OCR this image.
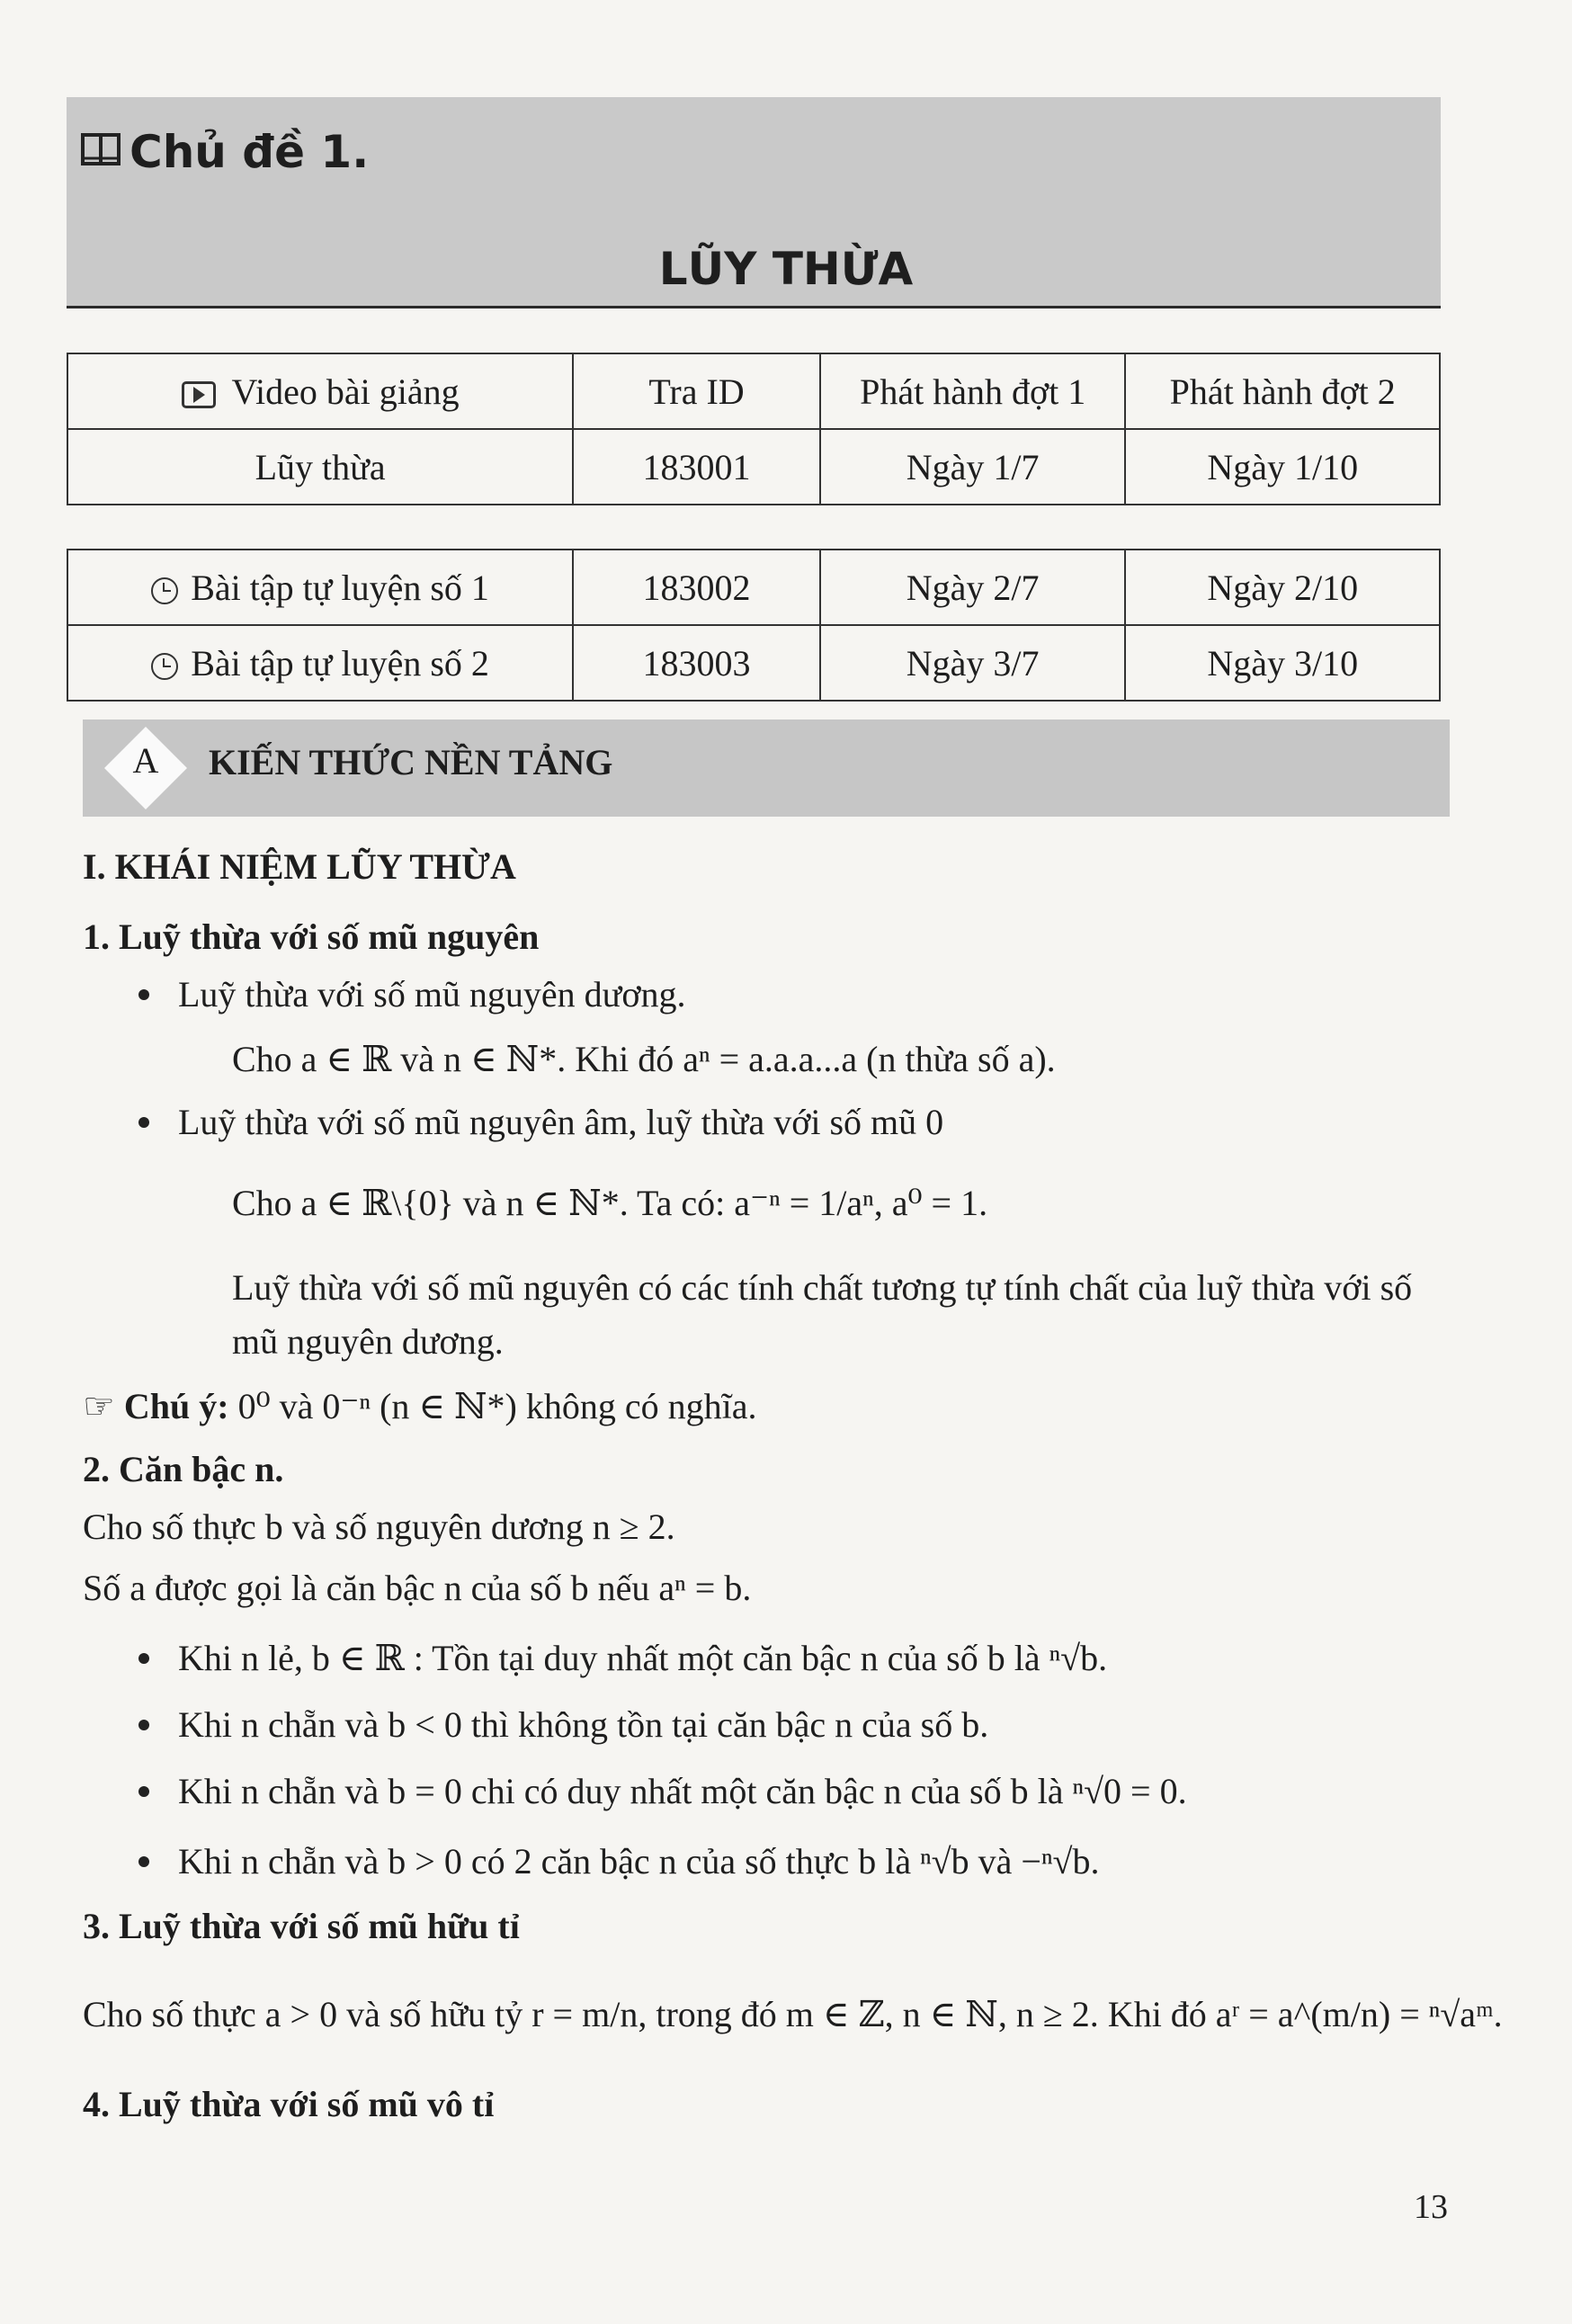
Chủ đề 1.
LŨY THỪA
Video bài giảng	Tra ID	Phát hành đợt 1	Phát hành đợt 2
Lũy thừa	183001	Ngày 1/7	Ngày 1/10
Bài tập tự luyện số 1	183002	Ngày 2/7	Ngày 2/10
Bài tập tự luyện số 2	183003	Ngày 3/7	Ngày 3/10
A KIẾN THỨC NỀN TẢNG
I. KHÁI NIỆM LŨY THỪA
1. Luỹ thừa với số mũ nguyên
Luỹ thừa với số mũ nguyên dương.
Cho a ∈ ℝ và n ∈ ℕ*. Khi đó aⁿ = a.a.a...a (n thừa số a).
Luỹ thừa với số mũ nguyên âm, luỹ thừa với số mũ 0
Cho a ∈ ℝ\{0} và n ∈ ℕ*. Ta có: a⁻ⁿ = 1/aⁿ, a⁰ = 1.
Luỹ thừa với số mũ nguyên có các tính chất tương tự tính chất của luỹ thừa với số
mũ nguyên dương.
☞ Chú ý: 0⁰ và 0⁻ⁿ (n ∈ ℕ*) không có nghĩa.
2. Căn bậc n.
Cho số thực b và số nguyên dương n ≥ 2.
Số a được gọi là căn bậc n của số b nếu aⁿ = b.
Khi n lẻ, b ∈ ℝ : Tồn tại duy nhất một căn bậc n của số b là ⁿ√b.
Khi n chẵn và b < 0 thì không tồn tại căn bậc n của số b.
Khi n chẵn và b = 0 chi có duy nhất một căn bậc n của số b là ⁿ√0 = 0.
Khi n chẵn và b > 0 có 2 căn bậc n của số thực b là ⁿ√b và −ⁿ√b.
3. Luỹ thừa với số mũ hữu tỉ
Cho số thực a > 0 và số hữu tỷ r = m/n, trong đó m ∈ ℤ, n ∈ ℕ, n ≥ 2. Khi đó aʳ = a^(m/n) = ⁿ√aᵐ.
4. Luỹ thừa với số mũ vô tỉ
13
